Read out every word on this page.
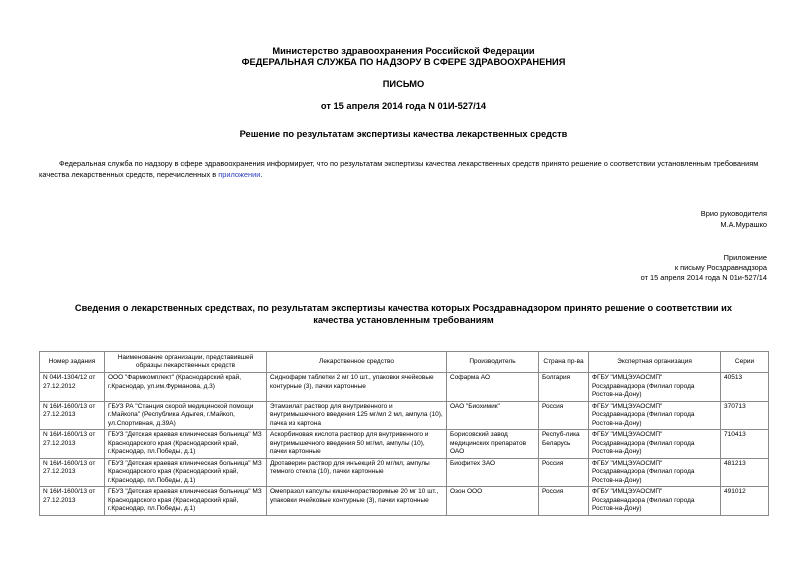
Министерство здравоохранения Российской Федерации
ФЕДЕРАЛЬНАЯ СЛУЖБА ПО НАДЗОРУ В СФЕРЕ ЗДРАВООХРАНЕНИЯ
ПИСЬМО
от 15 апреля 2014 года N 01И-527/14
Решение по результатам экспертизы качества лекарственных средств
Федеральная служба по надзору в сфере здравоохранения информирует, что по результатам экспертизы качества лекарственных средств принято решение о соответствии установленным требованиям качества лекарственных средств, перечисленных в приложении.
Врио руководителя
М.А.Мурашко
Приложение
к письму Росздравнадзора
от 15 апреля 2014 года N 01и-527/14
Сведения о лекарственных средствах, по результатам экспертизы качества которых Росздравнадзором принято решение о соответствии их качества установленным требованиям
Номер задания	Наименование организации, представившей образцы лекарственных средств	Лекарственное средство	Производитель	Страна пр-ва	Экспертная организация	Серии
N 04И-1304/12 от 27.12.2012	ООО "Фармкомплект" (Краснодарский край, г.Краснодар, ул.им.Фурманова, д.3)	Сиднофарм таблетки 2 мг 10 шт., упаковки ячейковые контурные (3), пачки картонные	Софарма АО	Болгария	ФГБУ "ИМЦЭУАОСМП" Росздравнадзора (Филиал города Ростов-на-Дону)	40513
N 16И-1600/13 от 27.12.2013	ГБУЗ РА "Станция скорой медицинской помощи г.Майкопа" (Республика Адыгея, г.Майкоп, ул.Спортивная, д.39А)	Этамзилат раствор для внутривенного и внутримышечного введения 125 мг/мл 2 мл, ампула (10), пачка из картона	ОАО "Биохимик"	Россия	ФГБУ "ИМЦЭУАОСМП" Росздравнадзора (Филиал города Ростов-на-Дону)	370713
N 16И-1600/13 от 27.12.2013	ГБУЗ "Детская краевая клиническая больница" МЗ Краснодарского края (Краснодарский край, г.Краснодар, пл.Победы, д.1)	Аскорбиновая кислота раствор для внутривенного и внутримышечного введения 50 мг/мл, ампулы (10), пачки картонные	Борисовский завод медицинских препаратов ОАО	Респуб-лика Беларусь	ФГБУ "ИМЦЭУАОСМП" Росздравнадзора (Филиал города Ростов-на-Дону)	710413
N 16И-1600/13 от 27.12.2013	ГБУЗ "Детская краевая клиническая больница" МЗ Краснодарского края (Краснодарский край, г.Краснодар, пл.Победы, д.1)	Дротаверин раствор для инъекций 20 мг/мл, ампулы темного стекла (10), пачки картонные	Биофитех ЗАО	Россия	ФГБУ "ИМЦЭУАОСМП" Росздравнадзора (Филиал города Ростов-на-Дону)	481213
N 16И-1600/13 от 27.12.2013	ГБУЗ "Детская краевая клиническая больница" МЗ Краснодарского края (Краснодарский край, г.Краснодар, пл.Победы, д.1)	Омепразол капсулы кишечнорастворимые 20 мг 10 шт., упаковки ячейковые контурные (3), пачки картонные	Озон ООО	Россия	ФГБУ "ИМЦЭУАОСМП" Росздравнадзора (Филиал города Ростов-на-Дону)	491012
